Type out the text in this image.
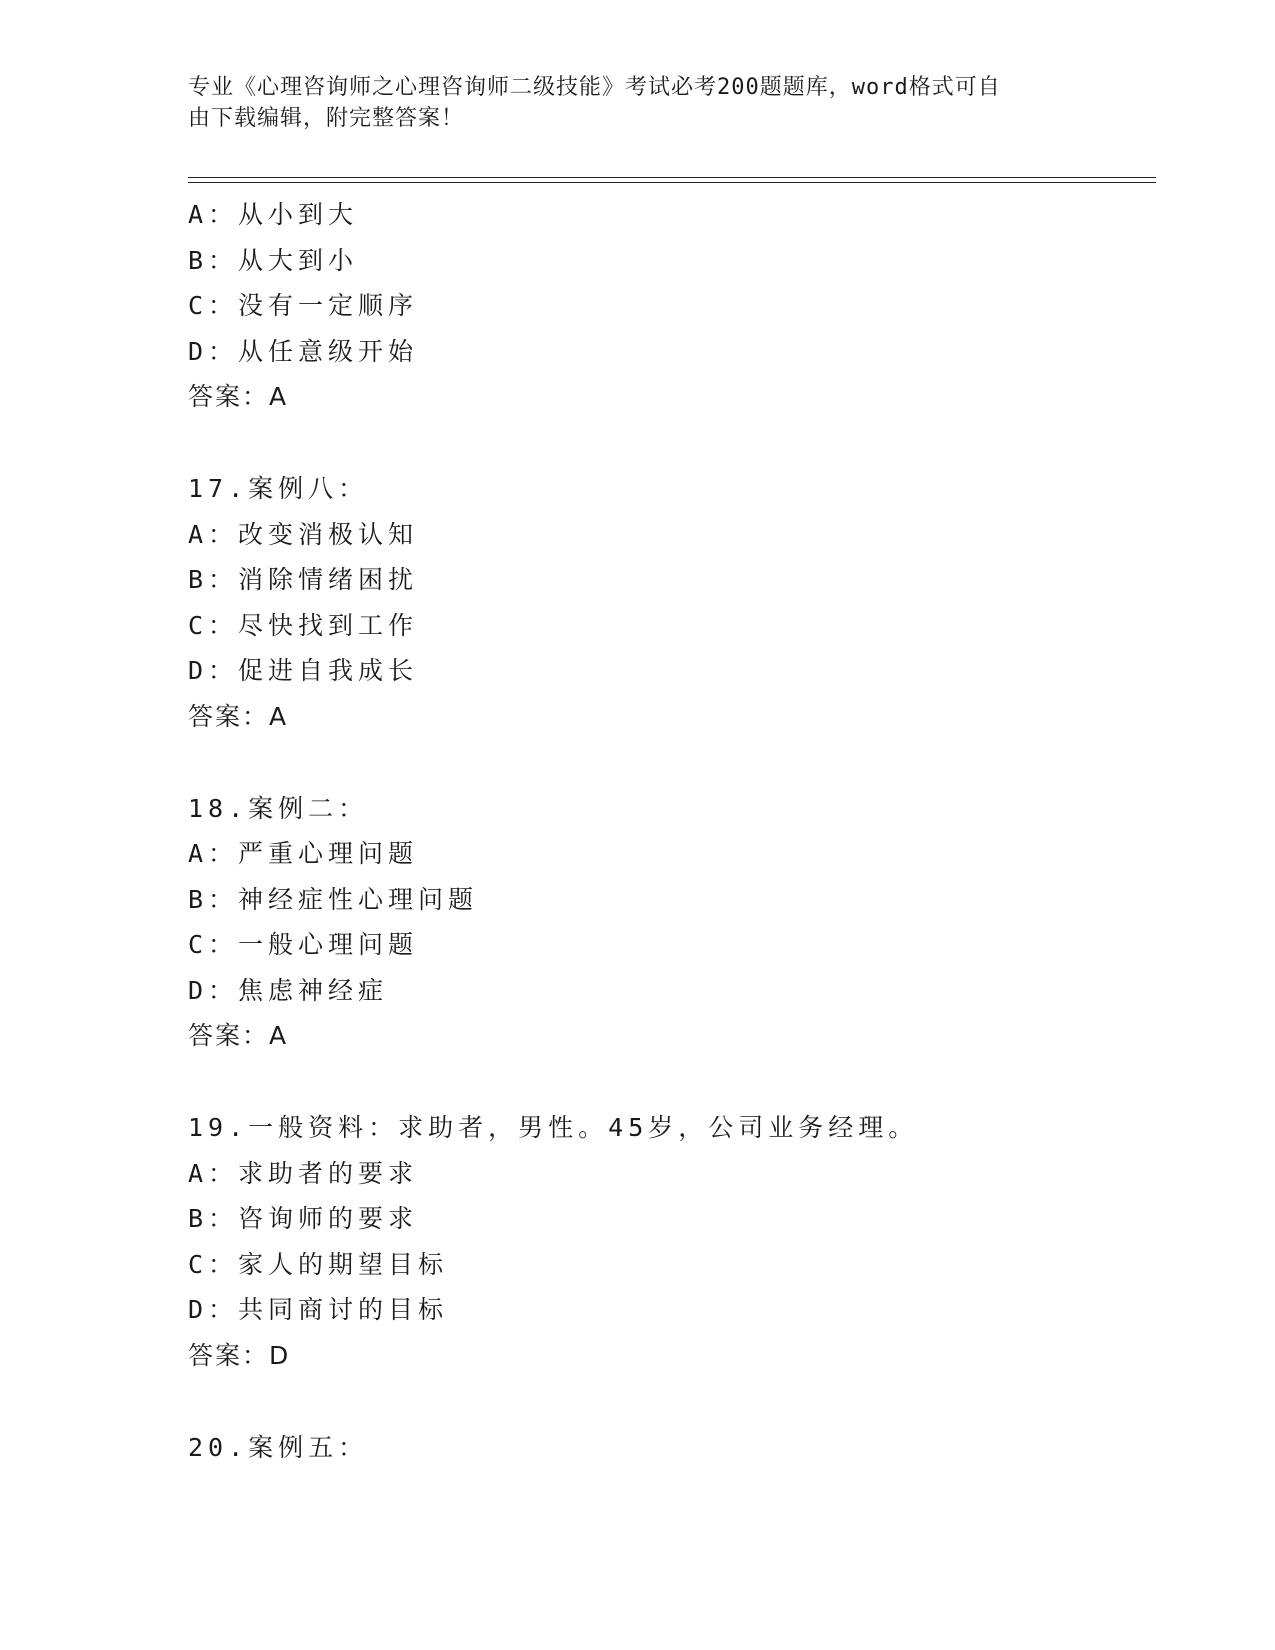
专业《心理咨询师之心理咨询师二级技能》考试必考200题题库，word格式可自
由下载编辑，附完整答案！
A：从小到大
B：从大到小
C：没有一定顺序
D：从任意级开始
答案：A
17.案例八：
A：改变消极认知
B：消除情绪困扰
C：尽快找到工作
D：促进自我成长
答案：A
18.案例二：
A：严重心理问题
B：神经症性心理问题
C：一般心理问题
D：焦虑神经症
答案：A
19.一般资料：求助者，男性。45岁，公司业务经理。
A：求助者的要求
B：咨询师的要求
C：家人的期望目标
D：共同商讨的目标
答案：D
20.案例五：
